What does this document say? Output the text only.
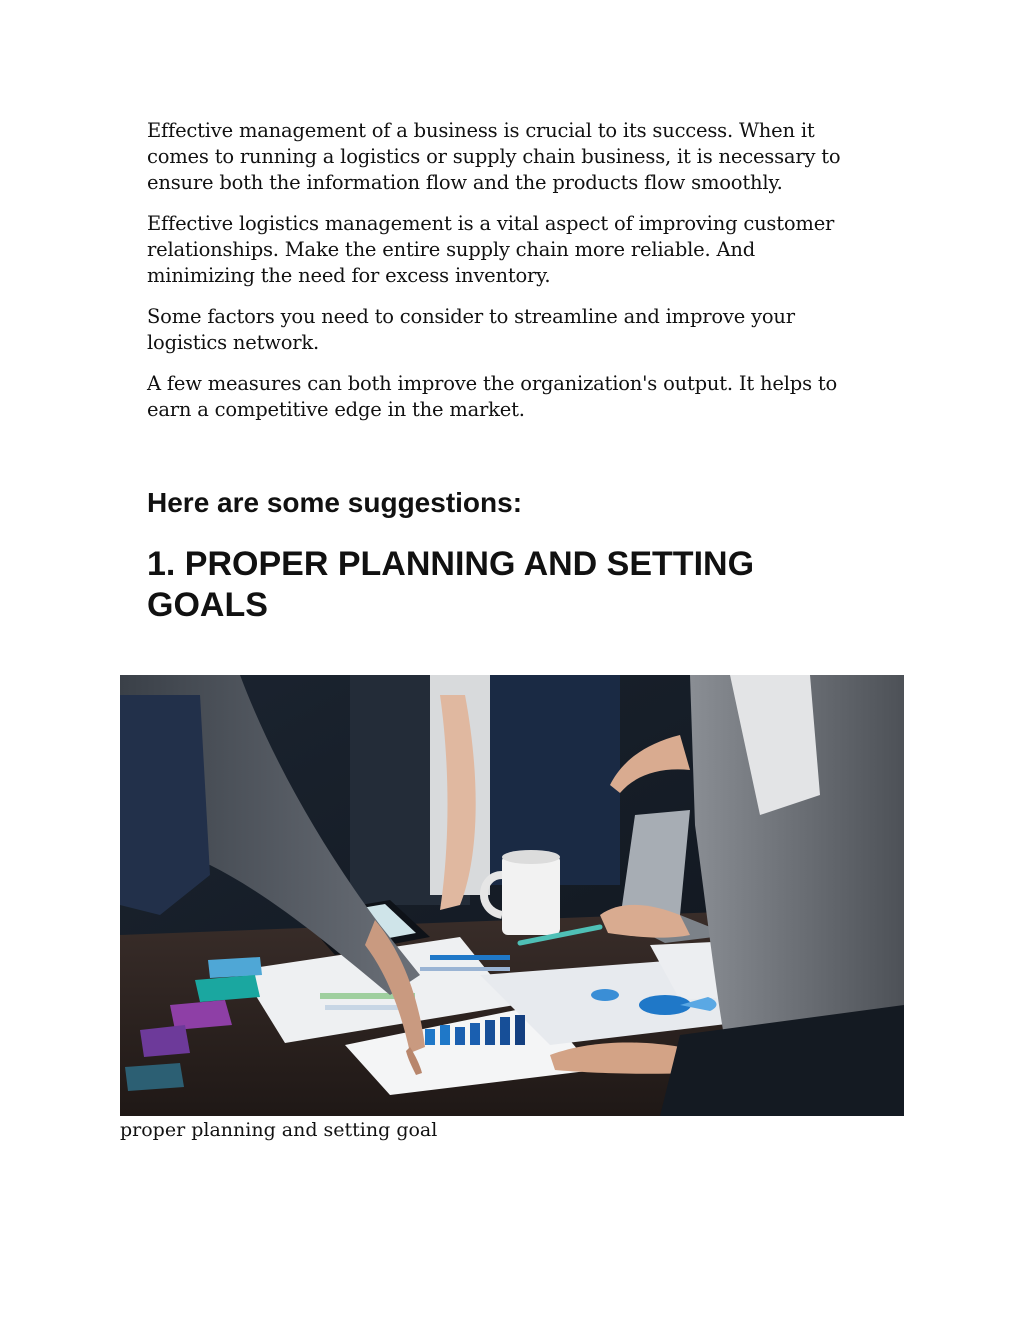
Effective management of a business is crucial to its success. When it comes to running a logistics or supply chain business, it is necessary to ensure both the information flow and the products flow smoothly.

Effective logistics management is a vital aspect of improving customer relationships. Make the entire supply chain more reliable. And minimizing the need for excess inventory.

Some factors you need to consider to streamline and improve your logistics network.

A few measures can both improve the organization's output. It helps to earn a competitive edge in the market.

Here are some suggestions:
1. PROPER PLANNING AND SETTING GOALS
proper planning and setting goal
